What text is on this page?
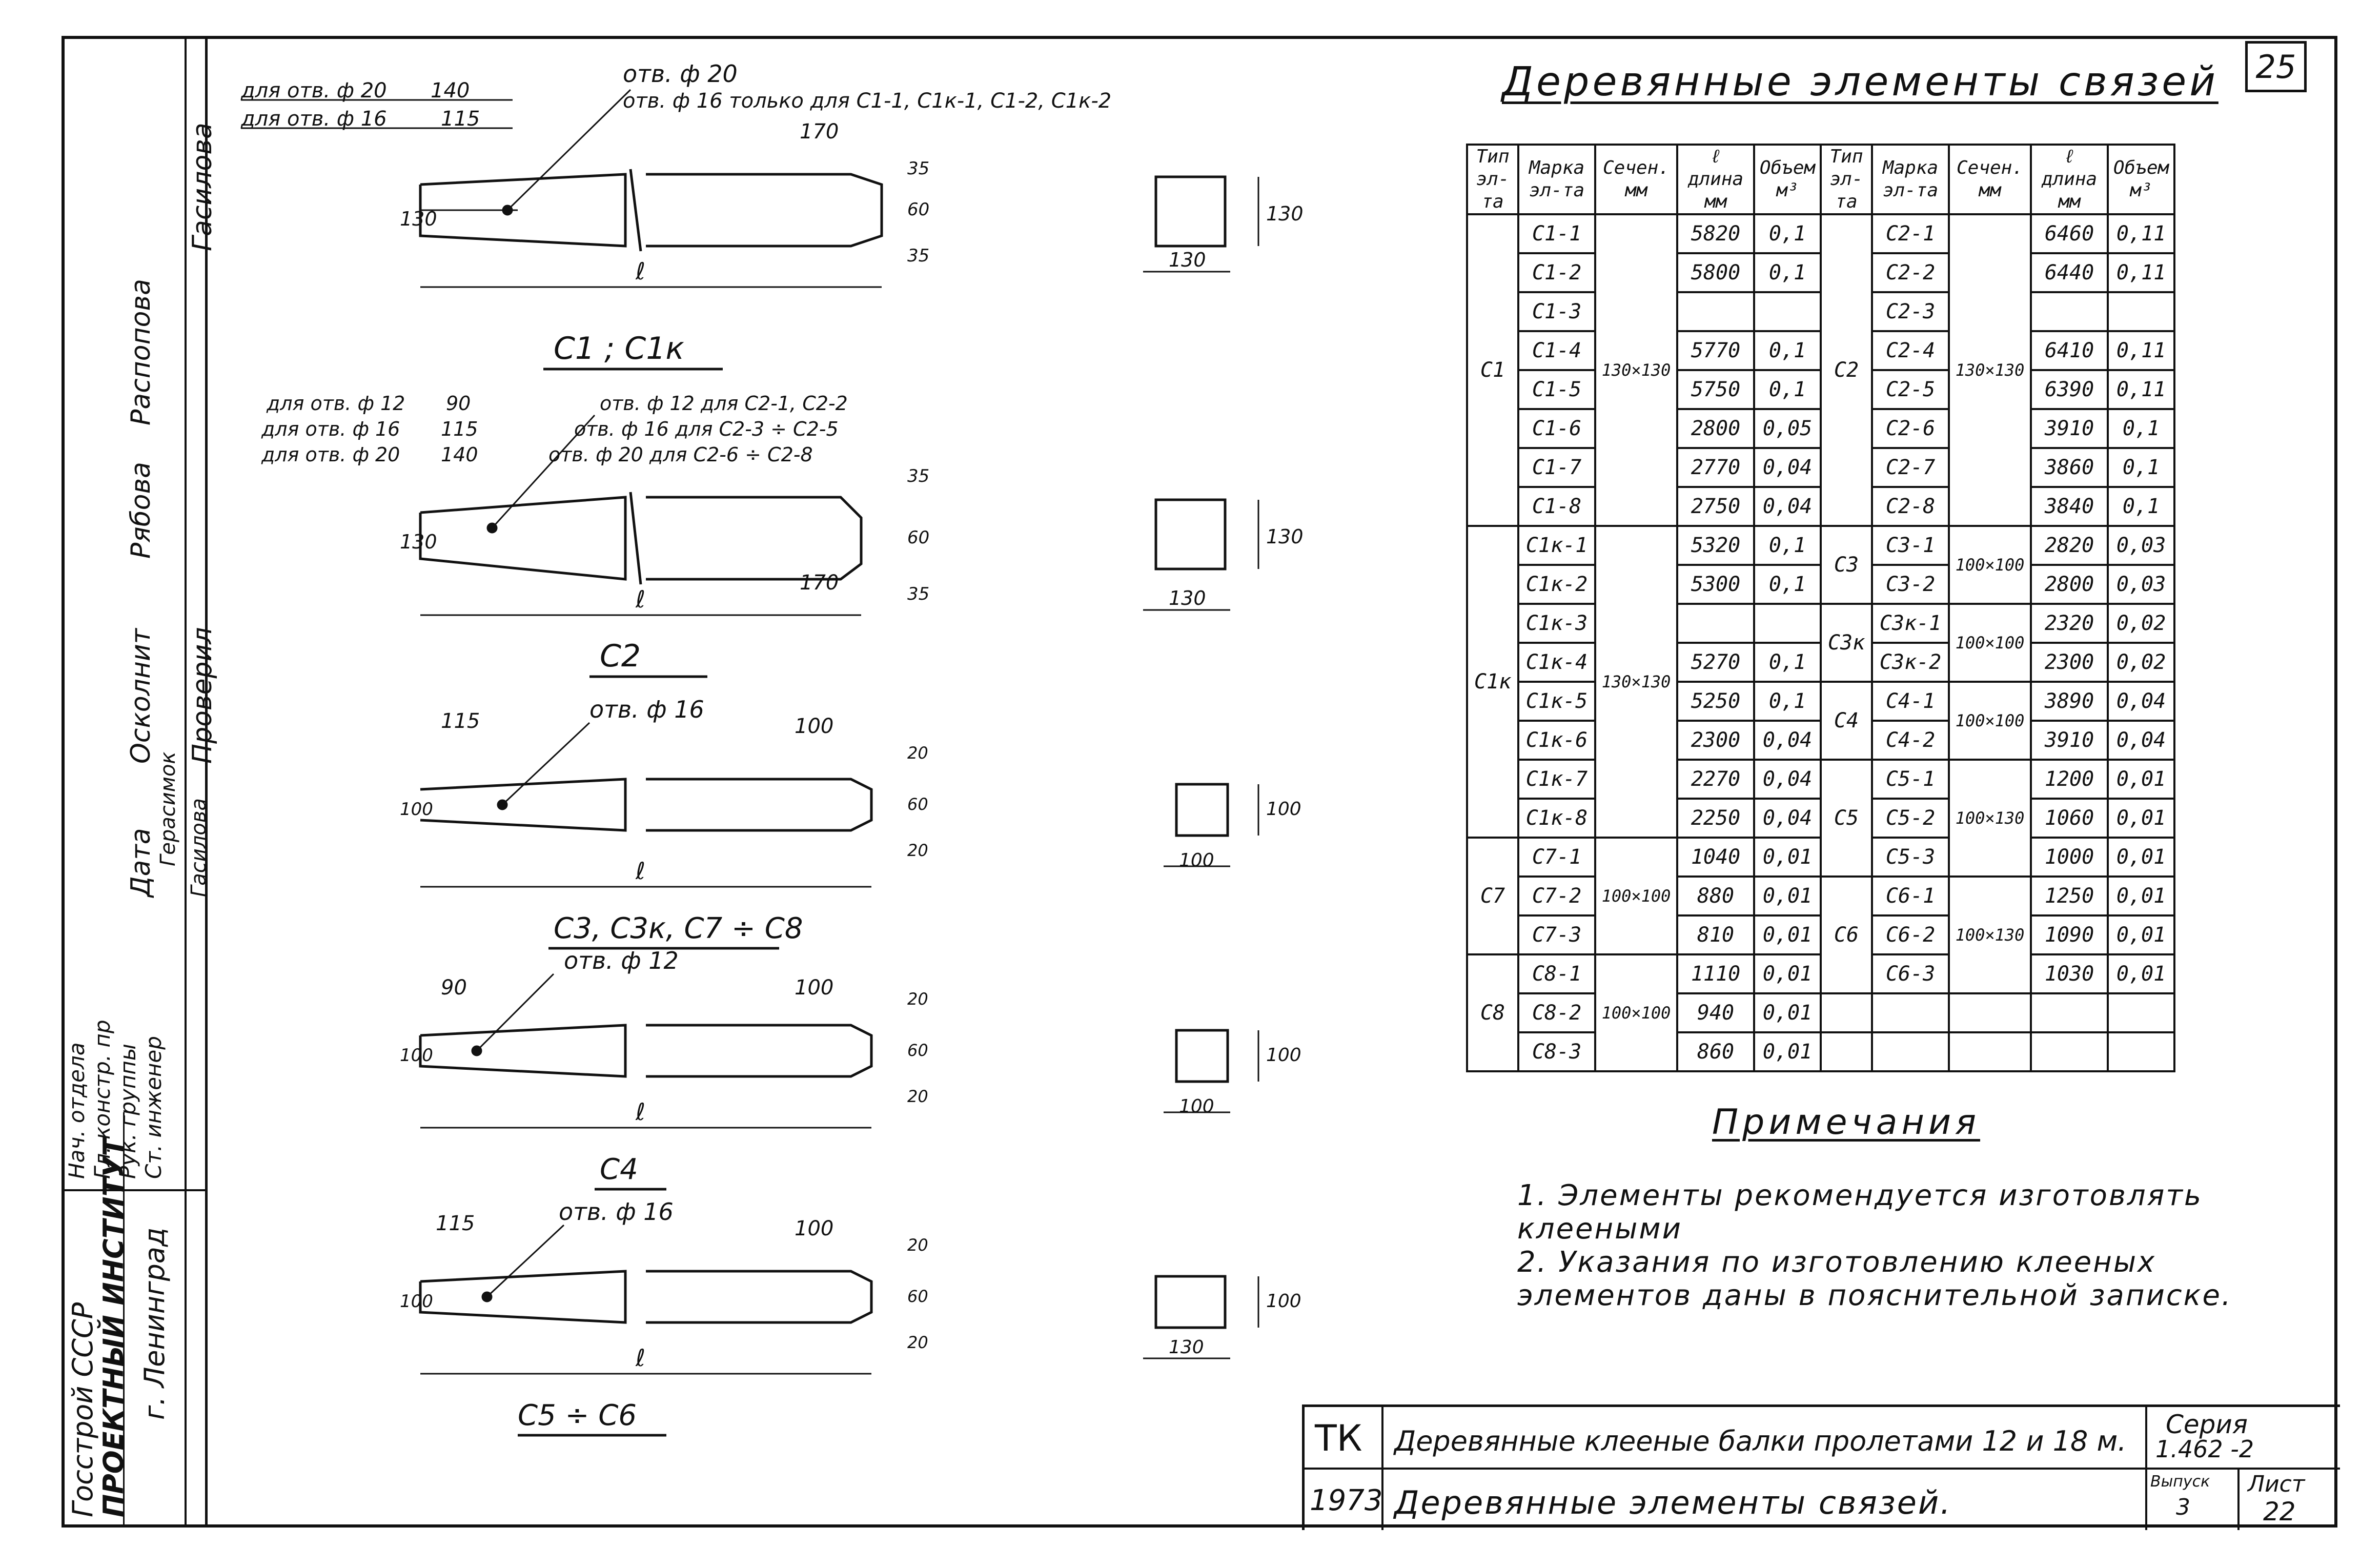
25
Госстрой СССР
ПРОЕКТНЫЙ ИНСТИТУТ г. Ленинград
Нач. отдела Гл. констр. пр Рук. группы Ст. инженер
Дата
Распопова
Рябова
Осколнит
Герасимок
Гасилова
Проверил
Гасилова
отв. ф 20
отв. ф 16 только для С1-1, С1к-1, С1-2, С1к-2
для отв. ф 20
для отв. ф 16
140
115
170
ℓ
130
35
60
35	130
130
С1 ; С1к
отв. ф 12 для С2-1, С2-2
отв. ф 16 для С2-3 ÷ С2-5
отв. ф 20 для С2-6 ÷ С2-8
для отв. ф 12
для отв. ф 16
для отв. ф 20
90
115
140
170
ℓ
130
35
60
35	130
130
С2
отв. ф 16
115	100
ℓ
100
20
60
20	100
100
С3, С3к, С7 ÷ С8
отв. ф 12
90	100
ℓ
100
20
60
20	100
100
С4
отв. ф 16
115	100
ℓ
100
20
60
20	130
100
С5 ÷ С6
Деревянные элементы связей
Тип эл-та	Марка эл-та	Сечен. мм	ℓ длина мм	Объем м³	Тип эл-та	Марка эл-та	Сечен. мм	ℓ длина мм	Объем м³
С1	С1-1	130×130	5820	0,1	С2	С2-1	130×130	6460	0,11
	С1-2		5800	0,1		С2-2		6440	0,11
	С1-3					С2-3			
	С1-4		5770	0,1		С2-4		6410	0,11
	С1-5		5750	0,1		С2-5		6390	0,11
	С1-6		2800	0,05		С2-6		3910	0,1
	С1-7		2770	0,04		С2-7		3860	0,1
	С1-8		2750	0,04		С2-8		3840	0,1
С1к	С1к-1	130×130	5320	0,1	С3	С3-1	100×100	2820	0,03
	С1к-2		5300	0,1		С3-2		2800	0,03
	С1к-3				С3к	С3к-1	100×100	2320	0,02
	С1к-4		5270	0,1		С3к-2		2300	0,02
	С1к-5		5250	0,1	С4	С4-1	100×100	3890	0,04
	С1к-6		2300	0,04		С4-2		3910	0,04
	С1к-7		2270	0,04	С5	С5-1	100×130	1200	0,01
	С1к-8		2250	0,04		С5-2		1060	0,01
С7	С7-1	100×100	1040	0,01		С5-3		1000	0,01
	С7-2		880	0,01	С6	С6-1	100×130	1250	0,01
	С7-3		810	0,01		С6-2		1090	0,01
С8	С8-1	100×100	1110	0,01		С6-3		1030	0,01
	С8-2		940	0,01					
	С8-3		860	0,01					
Примечания
1. Элементы рекомендуется изготовлять клееными
2. Указания по изготовлению клееных элементов даны в пояснительной записке.
ТК
1973
Деревянные клееные балки пролетами 12 и 18 м.
Деревянные элементы связей.
Серия
1.462 -2
Выпуск
3
Лист
22
